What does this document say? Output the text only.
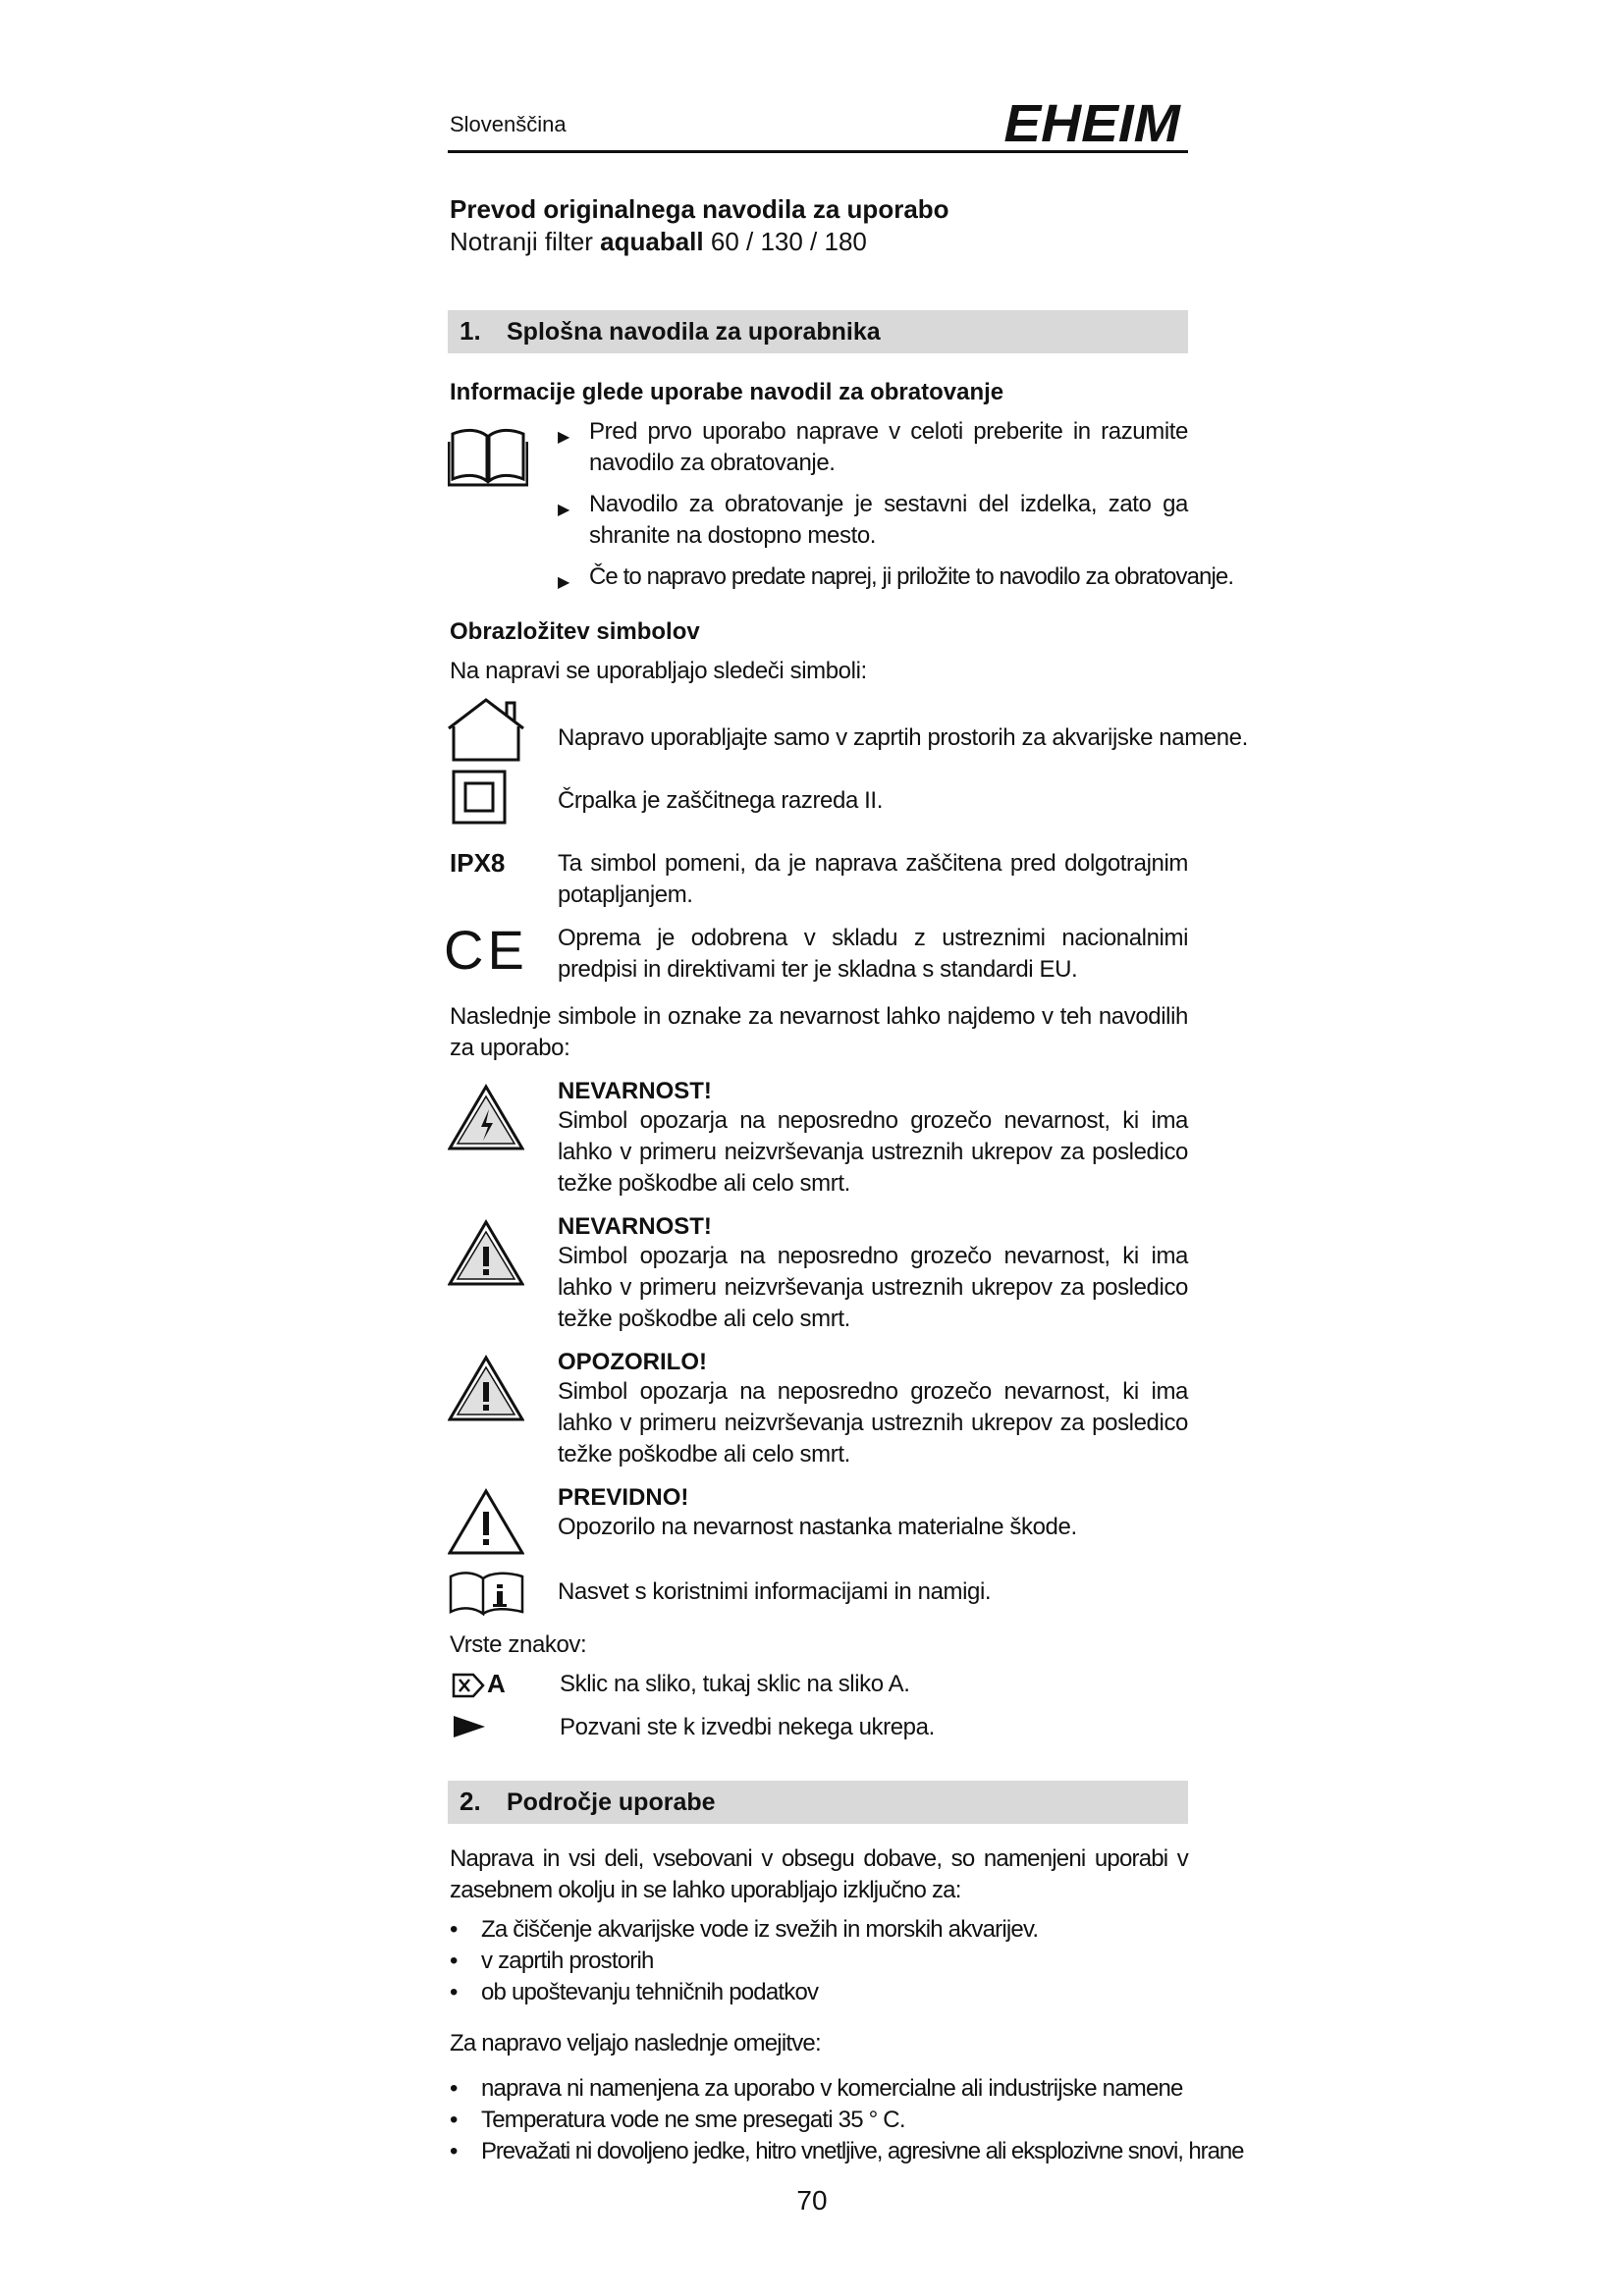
Slovenščina	EHEIM
Prevod originalnega navodila za uporabo
Notranji filter aquaball 60 / 130 / 180
1. Splošna navodila za uporabnika
Informacije glede uporabe navodil za obratovanje
▶ Pred prvo uporabo naprave v celoti preberite in razumite navodilo za obratovanje.
▶ Navodilo za obratovanje je sestavni del izdelka, zato ga shranite na dostopno mesto.
▶ Če to napravo predate naprej, ji priložite to navodilo za obratovanje.
Obrazložitev simbolov
Na napravi se uporabljajo sledeči simboli:
Napravo uporabljajte samo v zaprtih prostorih za akvarijske namene.
Črpalka je zaščitnega razreda II.
IPX8 Ta simbol pomeni, da je naprava zaščitena pred dolgotrajnim potapljanjem.
CE Oprema je odobrena v skladu z ustreznimi nacionalnimi predpisi in direktivami ter je skladna s standardi EU.
Naslednje simbole in oznake za nevarnost lahko najdemo v teh navodilih za uporabo:
NEVARNOST!
Simbol opozarja na neposredno grozečo nevarnost, ki ima lahko v primeru neizvrševanja ustreznih ukrepov za posledico težke poškodbe ali celo smrt.
NEVARNOST!
Simbol opozarja na neposredno grozečo nevarnost, ki ima lahko v primeru neizvrševanja ustreznih ukrepov za posledico težke poškodbe ali celo smrt.
OPOZORILO!
Simbol opozarja na neposredno grozečo nevarnost, ki ima lahko v primeru neizvrševanja ustreznih ukrepov za posledico težke poškodbe ali celo smrt.
PREVIDNO!
Opozorilo na nevarnost nastanka materialne škode.
Nasvet s koristnimi informacijami in namigi.
Vrste znakov:
A Sklic na sliko, tukaj sklic na sliko A.
Pozvani ste k izvedbi nekega ukrepa.
2. Področje uporabe
Naprava in vsi deli, vsebovani v obsegu dobave, so namenjeni uporabi v zasebnem okolju in se lahko uporabljajo izključno za:
• Za čiščenje akvarijske vode iz svežih in morskih akvarijev.
• v zaprtih prostorih
• ob upoštevanju tehničnih podatkov
Za napravo veljajo naslednje omejitve:
• naprava ni namenjena za uporabo v komercialne ali industrijske namene
• Temperatura vode ne sme presegati 35 ° C.
• Prevažati ni dovoljeno jedke, hitro vnetljive, agresivne ali eksplozivne snovi, hrane
70
